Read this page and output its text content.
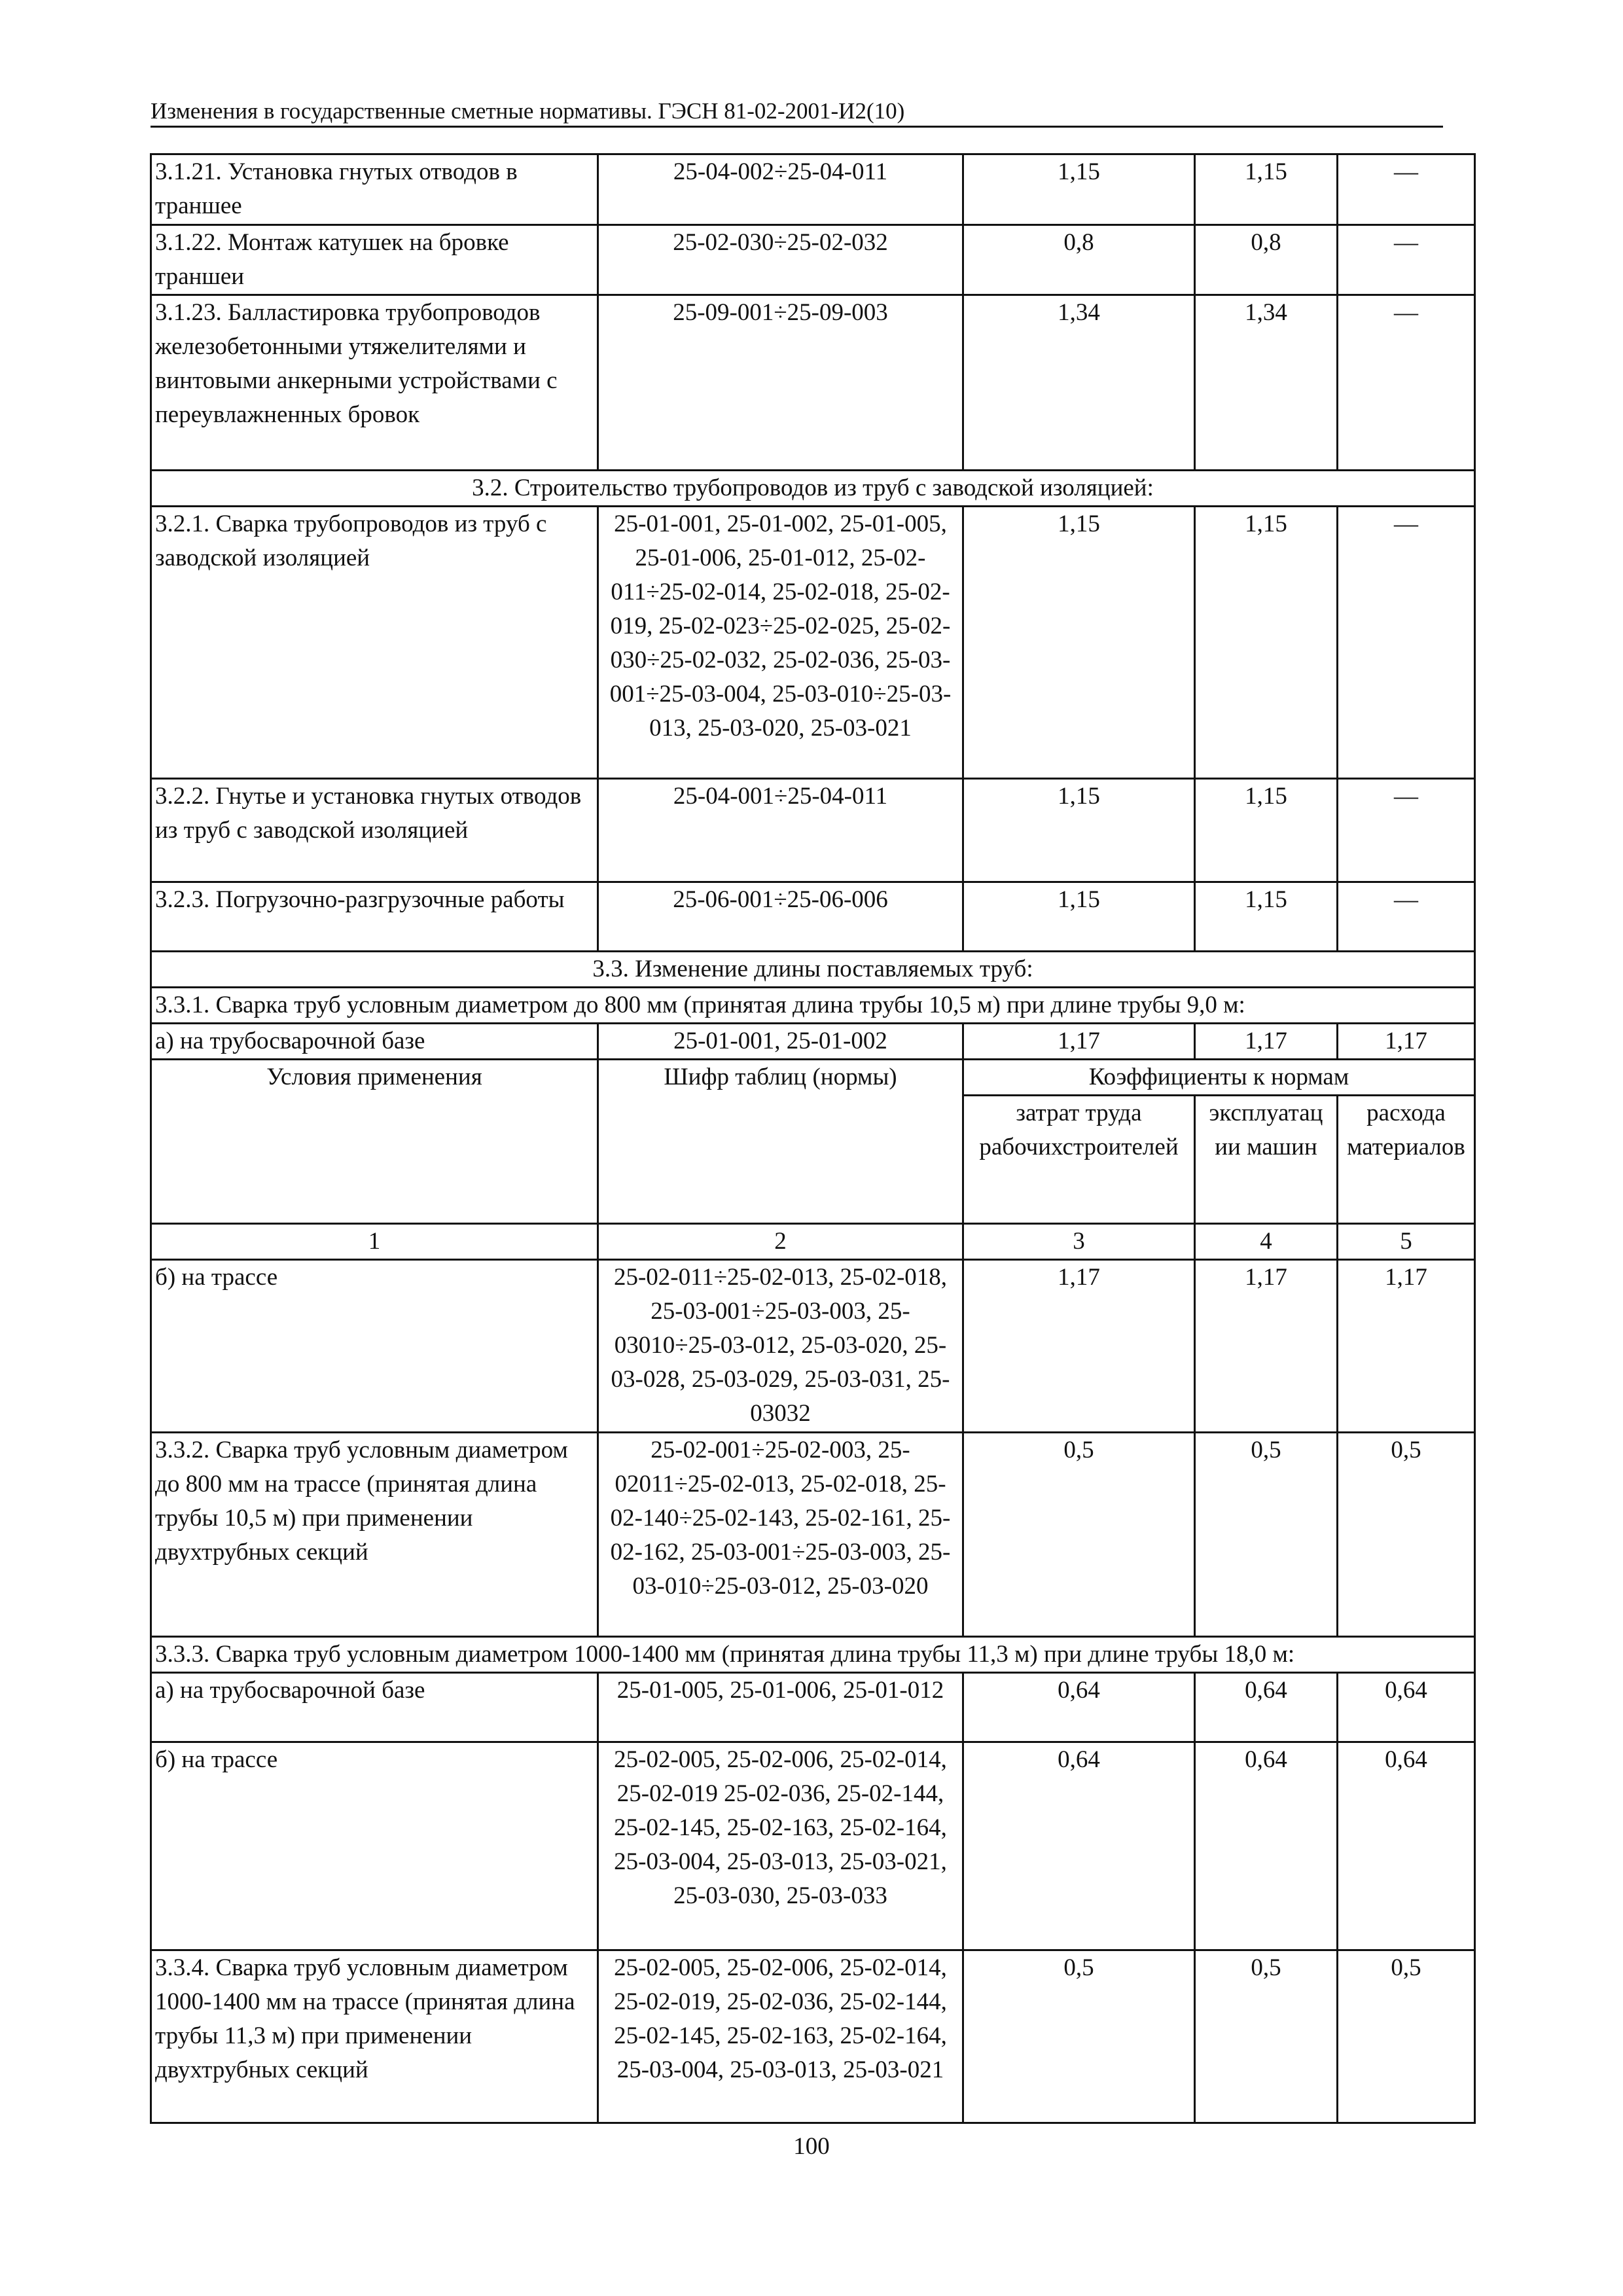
Изменения в государственные сметные нормативы. ГЭСН 81-02-2001-И2(10)
3.1.21. Установка гнутых отводов в траншее	25-04-002÷25-04-011	1,15	1,15	—
3.1.22. Монтаж катушек на бровке траншеи	25-02-030÷25-02-032	0,8	0,8	—
3.1.23. Балластировка трубопроводов железобетонными утяжелителями и винтовыми анкерными устройствами с переувлажненных бровок	25-09-001÷25-09-003	1,34	1,34	—
3.2. Строительство трубопроводов из труб с заводской изоляцией:				
3.2.1. Сварка трубопроводов из труб с заводской изоляцией	25-01-001, 25-01-002, 25-01-005, 25-01-006, 25-01-012, 25-02-011÷25-02-014, 25-02-018, 25-02-019, 25-02-023÷25-02-025, 25-02-030÷25-02-032, 25-02-036, 25-03-001÷25-03-004, 25-03-010÷25-03-013, 25-03-020, 25-03-021	1,15	1,15	—
3.2.2. Гнутье и установка гнутых отводов из труб с заводской изоляцией	25-04-001÷25-04-011	1,15	1,15	—
3.2.3. Погрузочно-разгрузочные работы	25-06-001÷25-06-006	1,15	1,15	—
3.3. Изменение длины поставляемых труб:				
3.3.1. Сварка труб условным диаметром до 800 мм (принятая длина трубы 10,5 м) при длине трубы 9,0 м:				
а) на трубосварочной базе	25-01-001, 25-01-002	1,17	1,17	1,17
Условия применения	Шифр таблиц (нормы)	Коэффициенты к нормам		
		затрат труда рабочихстроителей	эксплуатац ии машин	расхода материалов
1	2	3	4	5
б) на трассе	25-02-011÷25-02-013, 25-02-018, 25-03-001÷25-03-003, 25-03010÷25-03-012, 25-03-020, 25-03-028, 25-03-029, 25-03-031, 25-03032	1,17	1,17	1,17
3.3.2. Сварка труб условным диаметром до 800 мм на трассе (принятая длина трубы 10,5 м) при применении двухтрубных секций	25-02-001÷25-02-003, 25-02011÷25-02-013, 25-02-018, 25-02-140÷25-02-143, 25-02-161, 25-02-162, 25-03-001÷25-03-003, 25-03-010÷25-03-012, 25-03-020	0,5	0,5	0,5
3.3.3. Сварка труб условным диаметром 1000-1400 мм (принятая длина трубы 11,3 м) при длине трубы 18,0 м:				
а) на трубосварочной базе	25-01-005, 25-01-006, 25-01-012	0,64	0,64	0,64
б) на трассе	25-02-005, 25-02-006, 25-02-014, 25-02-019 25-02-036, 25-02-144, 25-02-145, 25-02-163, 25-02-164, 25-03-004, 25-03-013, 25-03-021, 25-03-030, 25-03-033	0,64	0,64	0,64
3.3.4. Сварка труб условным диаметром 1000-1400 мм на трассе (принятая длина трубы 11,3 м) при применении двухтрубных секций	25-02-005, 25-02-006, 25-02-014, 25-02-019, 25-02-036, 25-02-144, 25-02-145, 25-02-163, 25-02-164, 25-03-004, 25-03-013, 25-03-021	0,5	0,5	0,5
100
